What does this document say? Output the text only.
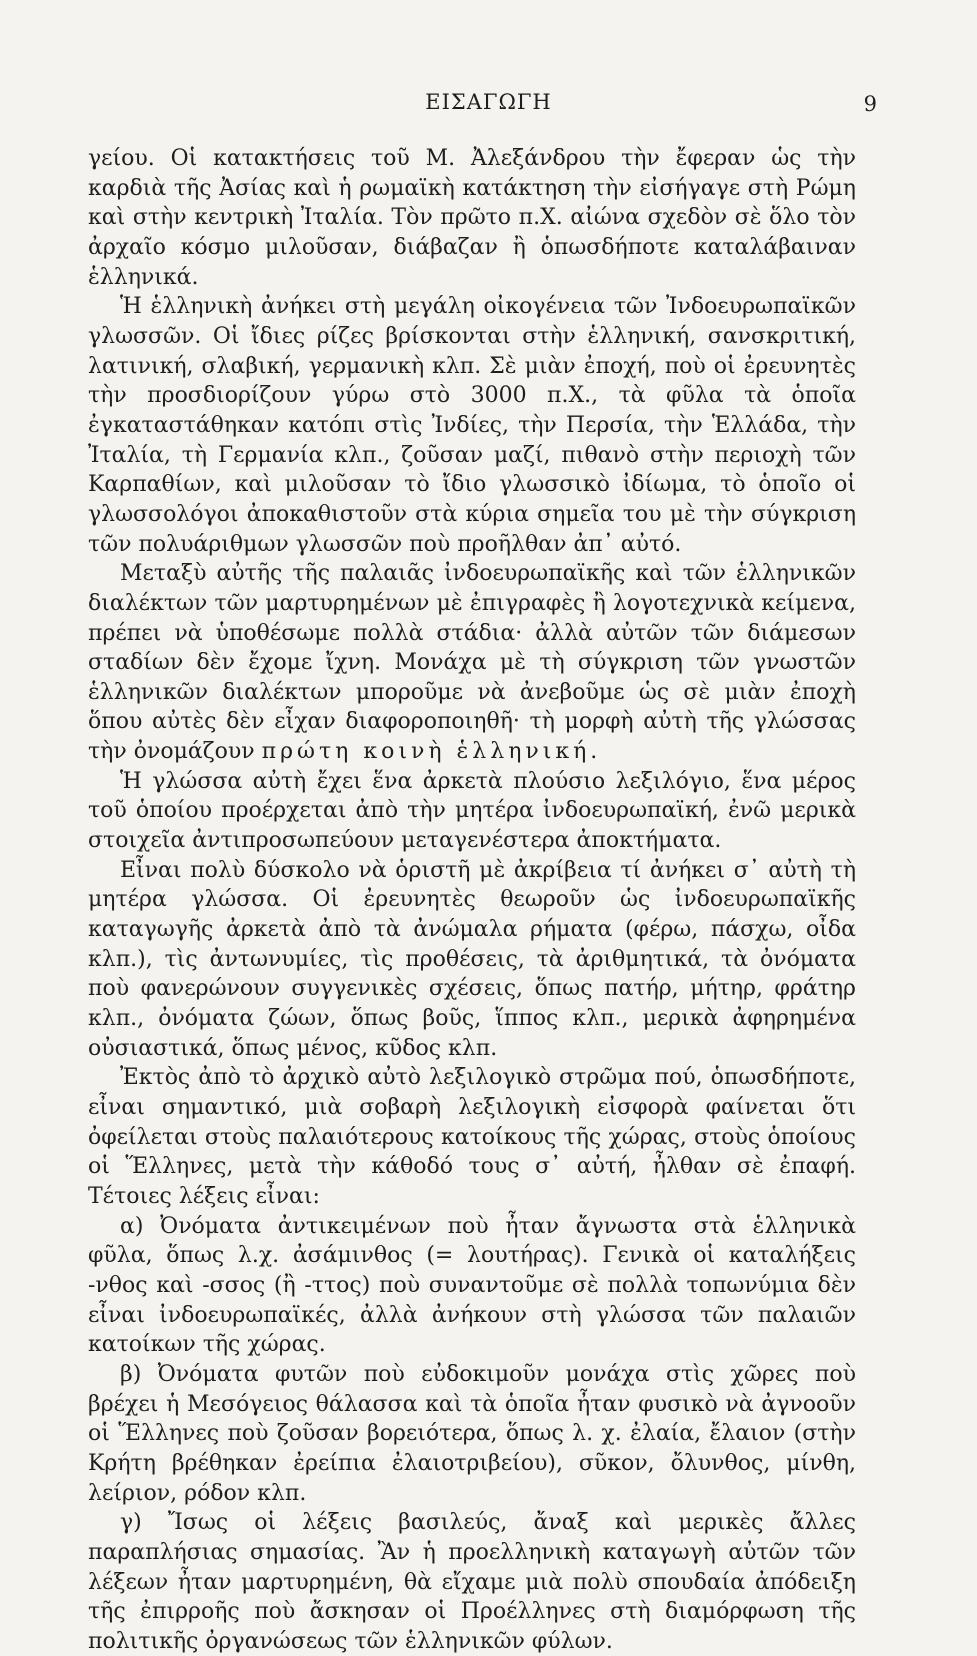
ΕΙΣΑΓΩΓΗ	9

γείου. Οἱ κατακτήσεις τοῦ Μ. Ἀλεξάνδρου τὴν ἔφεραν ὡς τὴν καρδιὰ τῆς Ἀσίας καὶ ἡ ρωμαϊκὴ κατάκτηση τὴν εἰσήγαγε στὴ Ρώμη καὶ στὴν κεντρικὴ Ἰταλία. Τὸν πρῶτο π.Χ. αἰώνα σχεδὸν σὲ ὅλο τὸν ἀρχαῖο κόσμο μιλοῦσαν, διάβαζαν ἢ ὁπωσδήποτε καταλάβαιναν ἑλληνικά.

Ἡ ἑλληνικὴ ἀνήκει στὴ μεγάλη οἰκογένεια τῶν Ἰνδοευρωπαϊκῶν γλωσσῶν. Οἱ ἴδιες ρίζες βρίσκονται στὴν ἑλληνική, σανσκριτική, λατινική, σλαβική, γερμανικὴ κλπ. Σὲ μιὰν ἐποχή, ποὺ οἱ ἐρευνητὲς τὴν προσδιορίζουν γύρω στὸ 3000 π.Χ., τὰ φῦλα τὰ ὁποῖα ἐγκαταστάθηκαν κατόπι στὶς Ἰνδίες, τὴν Περσία, τὴν Ἑλλάδα, τὴν Ἰταλία, τὴ Γερμανία κλπ., ζοῦσαν μαζί, πιθανὸ στὴν περιοχὴ τῶν Καρπαθίων, καὶ μιλοῦσαν τὸ ἴδιο γλωσσικὸ ἰδίωμα, τὸ ὁποῖο οἱ γλωσσολόγοι ἀποκαθιστοῦν στὰ κύρια σημεῖα του μὲ τὴν σύγκριση τῶν πολυάριθμων γλωσσῶν ποὺ προῆλθαν ἀπ᾽ αὐτό.

Μεταξὺ αὐτῆς τῆς παλαιᾶς ἰνδοευρωπαϊκῆς καὶ τῶν ἑλληνικῶν διαλέκτων τῶν μαρτυρημένων μὲ ἐπιγραφὲς ἢ λογοτεχνικὰ κείμενα, πρέπει νὰ ὑποθέσωμε πολλὰ στάδια· ἀλλὰ αὐτῶν τῶν διάμεσων σταδίων δὲν ἔχομε ἴχνη. Μονάχα μὲ τὴ σύγκριση τῶν γνωστῶν ἑλληνικῶν διαλέκτων μποροῦμε νὰ ἀνεβοῦμε ὡς σὲ μιὰν ἐποχὴ ὅπου αὐτὲς δὲν εἶχαν διαφοροποιηθῆ· τὴ μορφὴ αὐτὴ τῆς γλώσσας τὴν ὀνομάζουν πρώτη κοινὴ ἑλληνική.

Ἡ γλώσσα αὐτὴ ἔχει ἕνα ἀρκετὰ πλούσιο λεξιλόγιο, ἕνα μέρος τοῦ ὁποίου προέρχεται ἀπὸ τὴν μητέρα ἰνδοευρωπαϊκή, ἐνῶ μερικὰ στοιχεῖα ἀντιπροσωπεύουν μεταγενέστερα ἀποκτήματα.

Εἶναι πολὺ δύσκολο νὰ ὁριστῆ μὲ ἀκρίβεια τί ἀνήκει σ᾽ αὐτὴ τὴ μητέρα γλώσσα. Οἱ ἐρευνητὲς θεωροῦν ὡς ἰνδοευρωπαϊκῆς καταγωγῆς ἀρκετὰ ἀπὸ τὰ ἀνώμαλα ρήματα (φέρω, πάσχω, οἶδα κλπ.), τὶς ἀντωνυμίες, τὶς προθέσεις, τὰ ἀριθμητικά, τὰ ὀνόματα ποὺ φανερώνουν συγγενικὲς σχέσεις, ὅπως πατήρ, μήτηρ, φράτηρ κλπ., ὀνόματα ζώων, ὅπως βοῦς, ἵππος κλπ., μερικὰ ἀφηρημένα οὐσιαστικά, ὅπως μένος, κῦδος κλπ.

Ἐκτὸς ἀπὸ τὸ ἀρχικὸ αὐτὸ λεξιλογικὸ στρῶμα πού, ὁπωσδήποτε, εἶναι σημαντικό, μιὰ σοβαρὴ λεξιλογικὴ εἰσφορὰ φαίνεται ὅτι ὀφείλεται στοὺς παλαιότερους κατοίκους τῆς χώρας, στοὺς ὁποίους οἱ Ἕλληνες, μετὰ τὴν κάθοδό τους σ᾽ αὐτή, ἦλθαν σὲ ἐπαφή. Τέτοιες λέξεις εἶναι:

α) Ὀνόματα ἀντικειμένων ποὺ ἦταν ἄγνωστα στὰ ἑλληνικὰ φῦλα, ὅπως λ.χ. ἀσάμινθος (= λουτήρας). Γενικὰ οἱ καταλήξεις -νθος καὶ -σσος (ἢ -ττος) ποὺ συναντοῦμε σὲ πολλὰ τοπωνύμια δὲν εἶναι ἰνδοευρωπαϊκές, ἀλλὰ ἀνήκουν στὴ γλώσσα τῶν παλαιῶν κατοίκων τῆς χώρας.

β) Ὀνόματα φυτῶν ποὺ εὐδοκιμοῦν μονάχα στὶς χῶρες ποὺ βρέχει ἡ Μεσόγειος θάλασσα καὶ τὰ ὁποῖα ἦταν φυσικὸ νὰ ἀγνοοῦν οἱ Ἕλληνες ποὺ ζοῦσαν βορειότερα, ὅπως λ. χ. ἐλαία, ἔλαιον (στὴν Κρήτη βρέθηκαν ἐρείπια ἐλαιοτριβείου), σῦκον, ὄλυνθος, μίνθη, λείριον, ρόδον κλπ.

γ) Ἴσως οἱ λέξεις βασιλεύς, ἄναξ καὶ μερικὲς ἄλλες παραπλήσιας σημασίας. Ἂν ἡ προελληνικὴ καταγωγὴ αὐτῶν τῶν λέξεων ἦταν μαρτυρημένη, θὰ εἴχαμε μιὰ πολὺ σπουδαία ἀπόδειξη τῆς ἐπιρροῆς ποὺ ἄσκησαν οἱ Προέλληνες στὴ διαμόρφωση τῆς πολιτικῆς ὀργανώσεως τῶν ἑλληνικῶν φύλων.
